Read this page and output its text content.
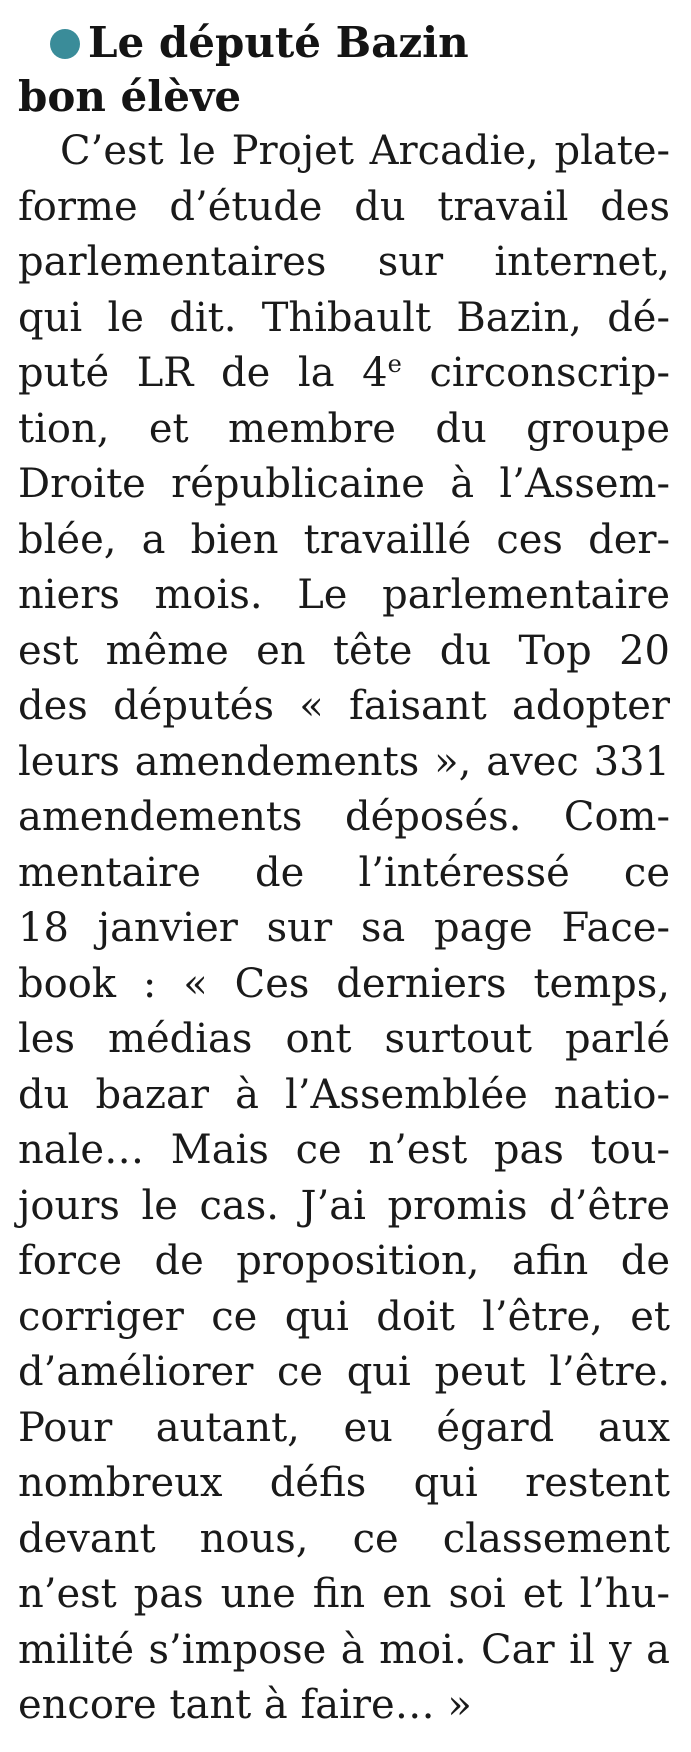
Le député Bazin
bon élève

C’est le Projet Arcadie, plate-
forme d’étude du travail des
parlementaires sur internet,
qui le dit. Thibault Bazin, dé-
puté LR de la 4e circonscrip-
tion, et membre du groupe
Droite républicaine à l’Assem-
blée, a bien travaillé ces der-
niers mois. Le parlementaire
est même en tête du Top 20
des députés « faisant adopter
leurs amendements », avec 331
amendements déposés. Com-
mentaire de l’intéressé ce
18 janvier sur sa page Face-
book : « Ces derniers temps,
les médias ont surtout parlé
du bazar à l’Assemblée natio-
nale… Mais ce n’est pas tou-
jours le cas. J’ai promis d’être
force de proposition, afin de
corriger ce qui doit l’être, et
d’améliorer ce qui peut l’être.
Pour autant, eu égard aux
nombreux défis qui restent
devant nous, ce classement
n’est pas une fin en soi et l’hu-
milité s’impose à moi. Car il y a
encore tant à faire… »
